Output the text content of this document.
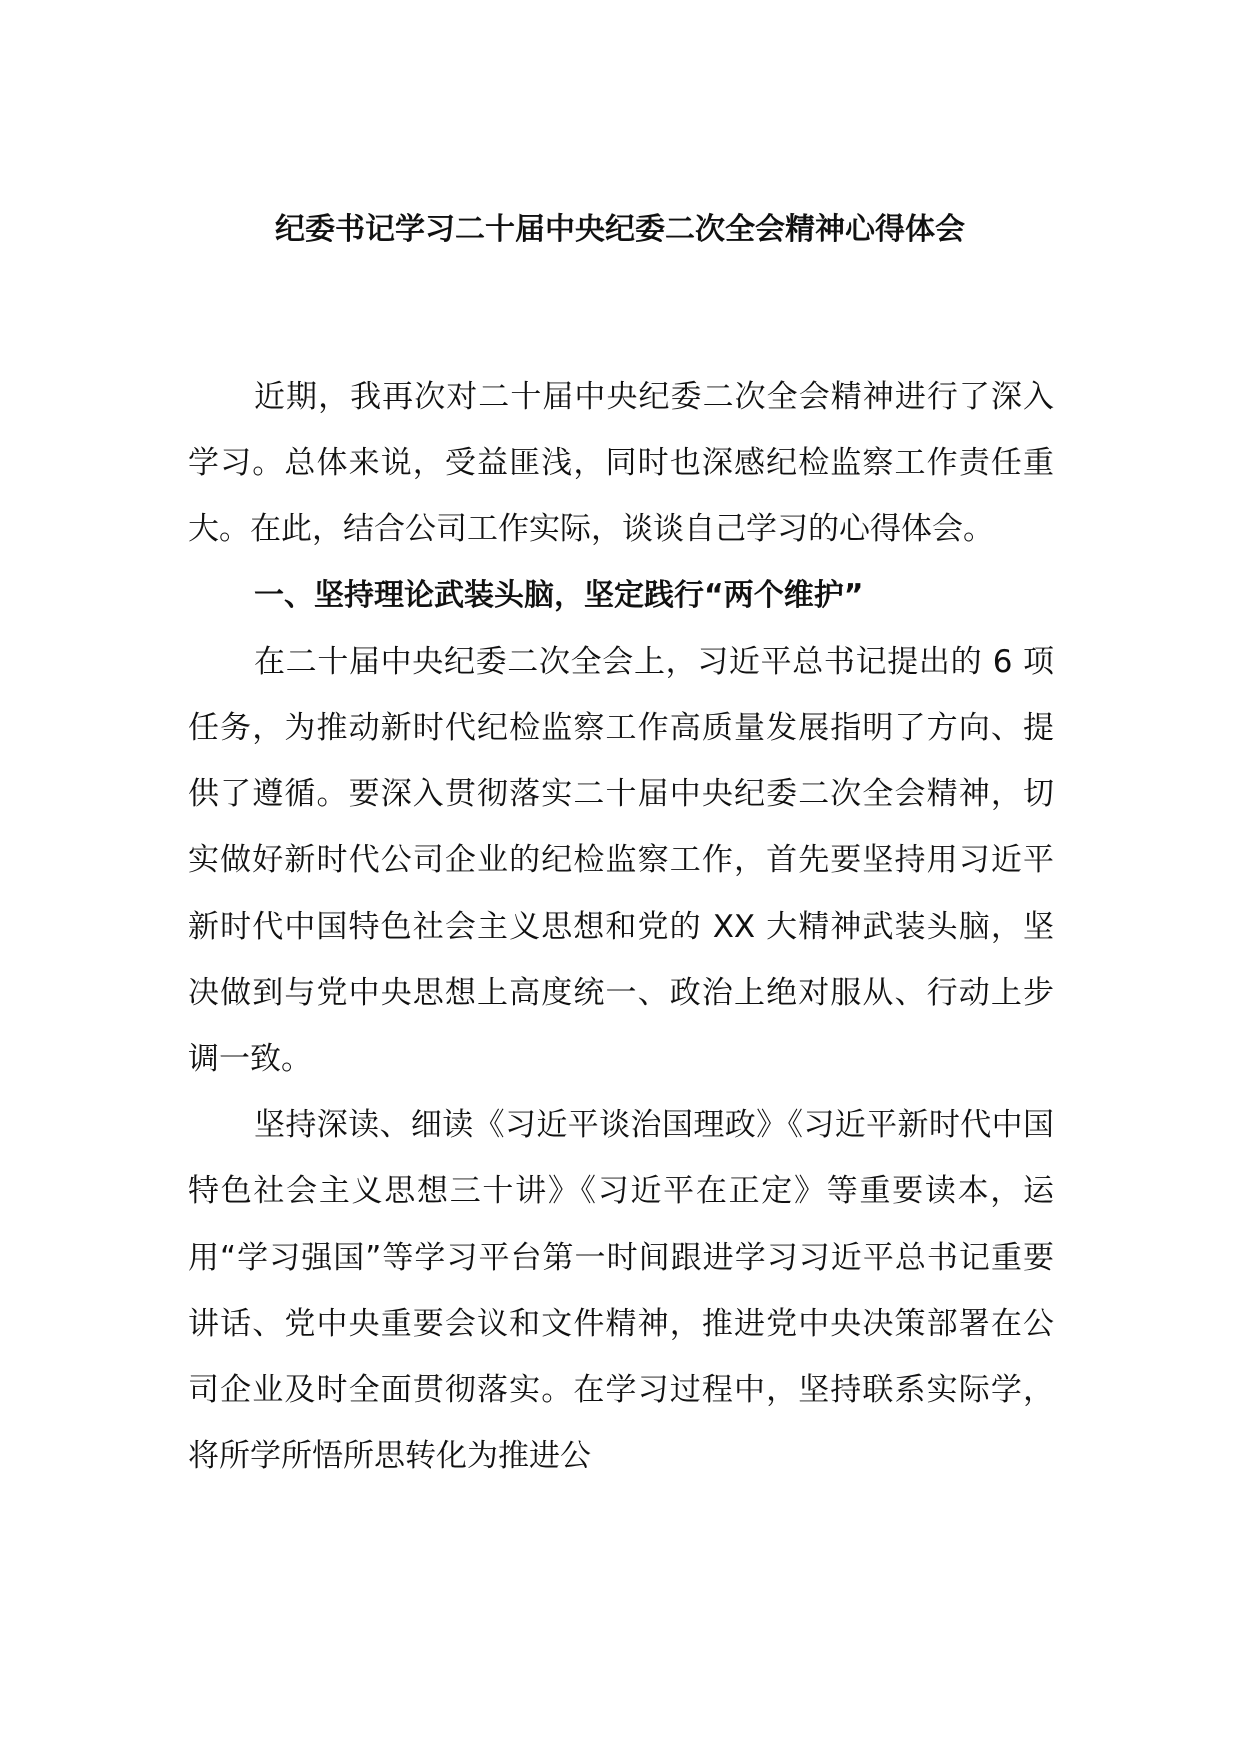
纪委书记学习二十届中央纪委二次全会精神心得体会

近期，我再次对二十届中央纪委二次全会精神进行了深入学习。总体来说，受益匪浅，同时也深感纪检监察工作责任重大。在此，结合公司工作实际，谈谈自己学习的心得体会。

一、坚持理论武装头脑，坚定践行“两个维护”

在二十届中央纪委二次全会上，习近平总书记提出的 6 项任务，为推动新时代纪检监察工作高质量发展指明了方向、提供了遵循。要深入贯彻落实二十届中央纪委二次全会精神，切实做好新时代公司企业的纪检监察工作，首先要坚持用习近平新时代中国特色社会主义思想和党的 XX 大精神武装头脑，坚决做到与党中央思想上高度统一、政治上绝对服从、行动上步调一致。

坚持深读、细读《习近平谈治国理政》《习近平新时代中国特色社会主义思想三十讲》《习近平在正定》等重要读本，运用“学习强国”等学习平台第一时间跟进学习习近平总书记重要讲话、党中央重要会议和文件精神，推进党中央决策部署在公司企业及时全面贯彻落实。在学习过程中，坚持联系实际学，将所学所悟所思转化为推进公
